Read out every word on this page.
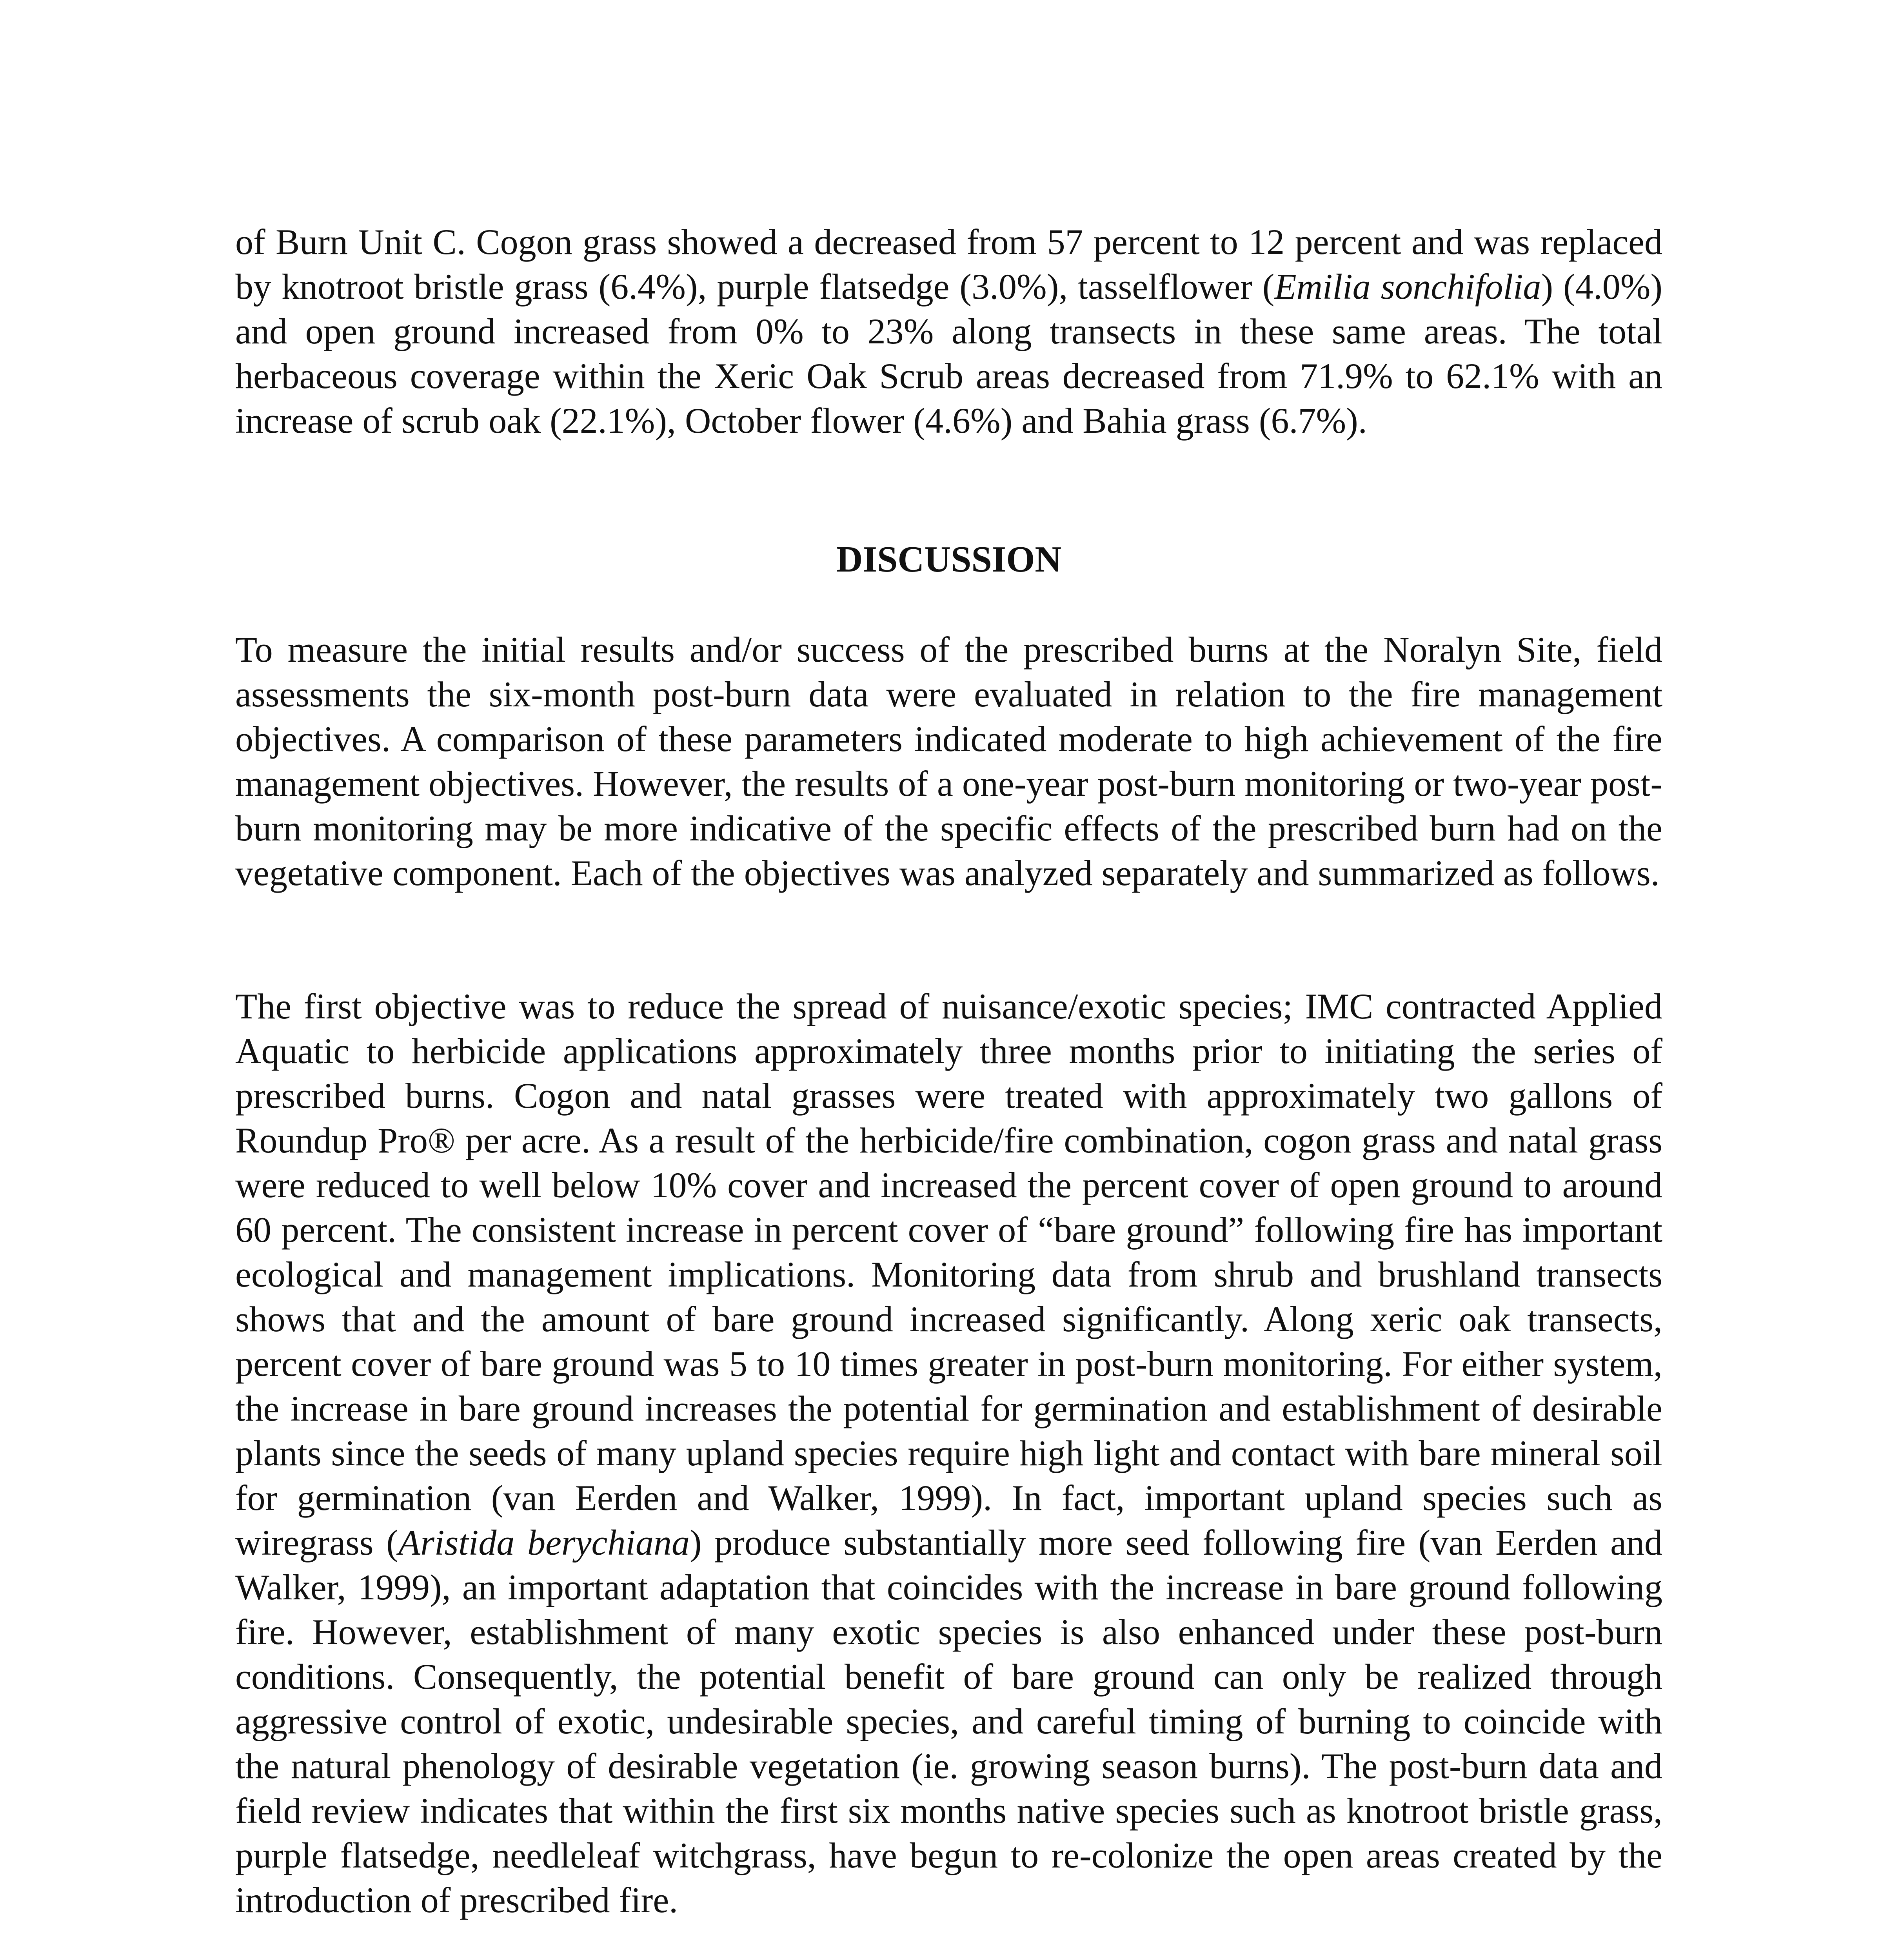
of Burn Unit C. Cogon grass showed a decreased from 57 percent to 12 percent and was replaced by knotroot bristle grass (6.4%), purple flatsedge (3.0%), tasselflower (Emilia sonchifolia) (4.0%) and open ground increased from 0% to 23% along transects in these same areas. The total herbaceous coverage within the Xeric Oak Scrub areas decreased from 71.9% to 62.1% with an increase of scrub oak (22.1%), October flower (4.6%) and Bahia grass (6.7%).

DISCUSSION

To measure the initial results and/or success of the prescribed burns at the Noralyn Site, field assessments the six-month post-burn data were evaluated in relation to the fire management objectives. A comparison of these parameters indicated moderate to high achievement of the fire management objectives. However, the results of a one-year post-burn monitoring or two-year post-burn monitoring may be more indicative of the specific effects of the prescribed burn had on the vegetative component. Each of the objectives was analyzed separately and summarized as follows.

The first objective was to reduce the spread of nuisance/exotic species; IMC contracted Applied Aquatic to herbicide applications approximately three months prior to initiating the series of prescribed burns. Cogon and natal grasses were treated with approximately two gallons of Roundup Pro® per acre. As a result of the herbicide/fire combination, cogon grass and natal grass were reduced to well below 10% cover and increased the percent cover of open ground to around 60 percent. The consistent increase in percent cover of “bare ground” following fire has important ecological and management implications. Monitoring data from shrub and brushland transects shows that and the amount of bare ground increased significantly. Along xeric oak transects, percent cover of bare ground was 5 to 10 times greater in post-burn monitoring. For either system, the increase in bare ground increases the potential for germination and establishment of desirable plants since the seeds of many upland species require high light and contact with bare mineral soil for germination (van Eerden and Walker, 1999). In fact, important upland species such as wiregrass (Aristida berychiana) produce substantially more seed following fire (van Eerden and Walker, 1999), an important adaptation that coincides with the increase in bare ground following fire. However, establishment of many exotic species is also enhanced under these post-burn conditions. Consequently, the potential benefit of bare ground can only be realized through aggressive control of exotic, undesirable species, and careful timing of burning to coincide with the natural phenology of desirable vegetation (ie. growing season burns). The post-burn data and field review indicates that within the first six months native species such as knotroot bristle grass, purple flatsedge, needleleaf witchgrass, have begun to re-colonize the open areas created by the introduction of prescribed fire.
